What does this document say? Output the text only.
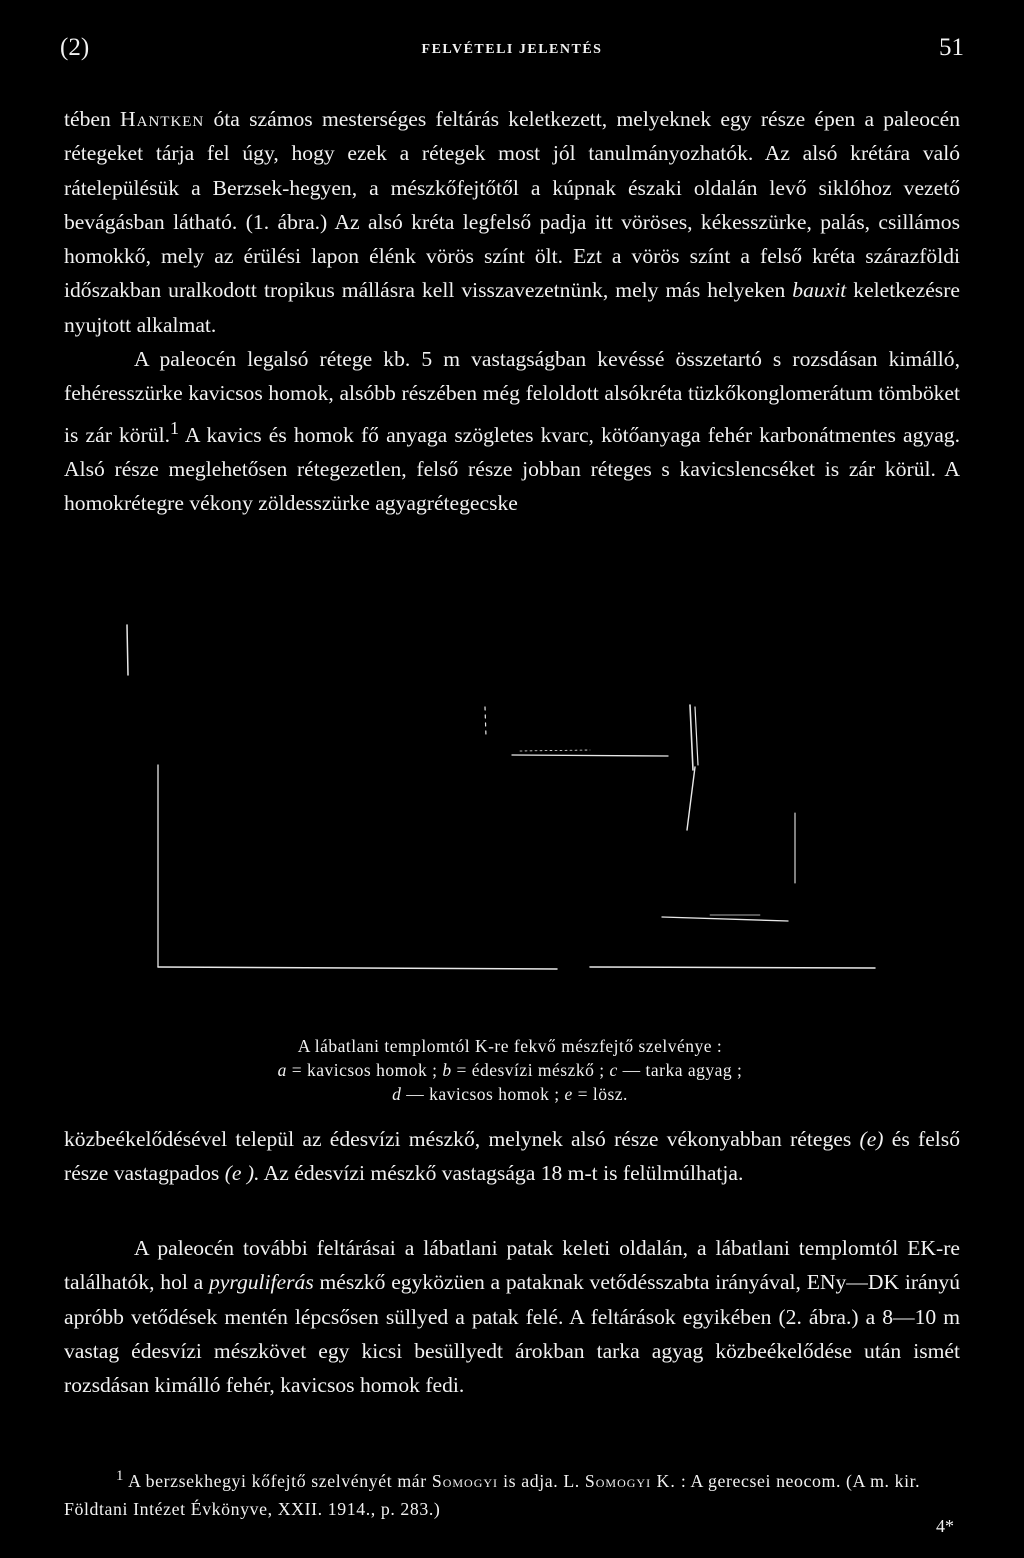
(2)	FELVÉTELI JELENTÉS	51

tében Hantken óta számos mesterséges feltárás keletkezett, melyeknek egy része épen a paleocén rétegeket tárja fel úgy, hogy ezek a rétegek most jól tanulmányozhatók. Az alsó krétára való rátelepülésük a Berzsek-hegyen, a mészkőfejtőtől a kúpnak északi oldalán levő siklóhoz vezető bevágásban látható. (1. ábra.) Az alsó kréta legfelső padja itt vöröses, kékesszürke, palás, csillámos homokkő, mely az érülési lapon élénk vörös színt ölt. Ezt a vörös színt a felső kréta szárazföldi időszakban uralkodott tropikus mállásra kell visszavezetnünk, mely más helyeken bauxit keletkezésre nyujtott alkalmat.
A paleocén legalsó rétege kb. 5 m vastagságban kevéssé összetartó s rozsdásan kimálló, fehéresszürke kavicsos homok, alsóbb részében még feloldott alsókréta tüzkőkonglomerátum tömböket is zár körül.$^1$ A kavics és homok fő anyaga szögletes kvarc, kötőanyaga fehér karbonátmentes agyag. Alsó része meglehetősen rétegezetlen, felső része jobban réteges s kavicslencséket is zár körül. A homokrétegre vékony zöldesszürke agyagrétegecske

A lábatlani templomtól K-re fekvő mészfejtő szelvénye :
a = kavicsos homok ; b = édesvízi mészkő ; c — tarka agyag ;
d — kavicsos homok ; e = lösz.

közbeékelődésével települ az édesvízi mészkő, melynek alsó része vékonyabban réteges (e) és felső része vastagpados (e ). Az édesvízi mészkő vastagsága 18 m-t is felülmúlhatja.

A paleocén további feltárásai a lábatlani patak keleti oldalán, a lábatlani templomtól EK-re találhatók, hol a pyrguliferás mészkő egyközüen a pataknak vetődésszabta irányával, ENy—DK irányú apróbb vetődések mentén lépcsősen süllyed a patak felé. A feltárások egyikében (2. ábra.) a 8—10 m vastag édesvízi mészkövet egy kicsi besüllyedt árokban tarka agyag közbeékelődése után ismét rozsdásan kimálló fehér, kavicsos homok fedi.

$^1$ A berzsekhegyi kőfejtő szelvényét már Somogyi is adja. L. Somogyi K. : A gerecsei neocom. (A m. kir. Földtani Intézet Évkönyve, XXII. 1914., p. 283.)
4*
